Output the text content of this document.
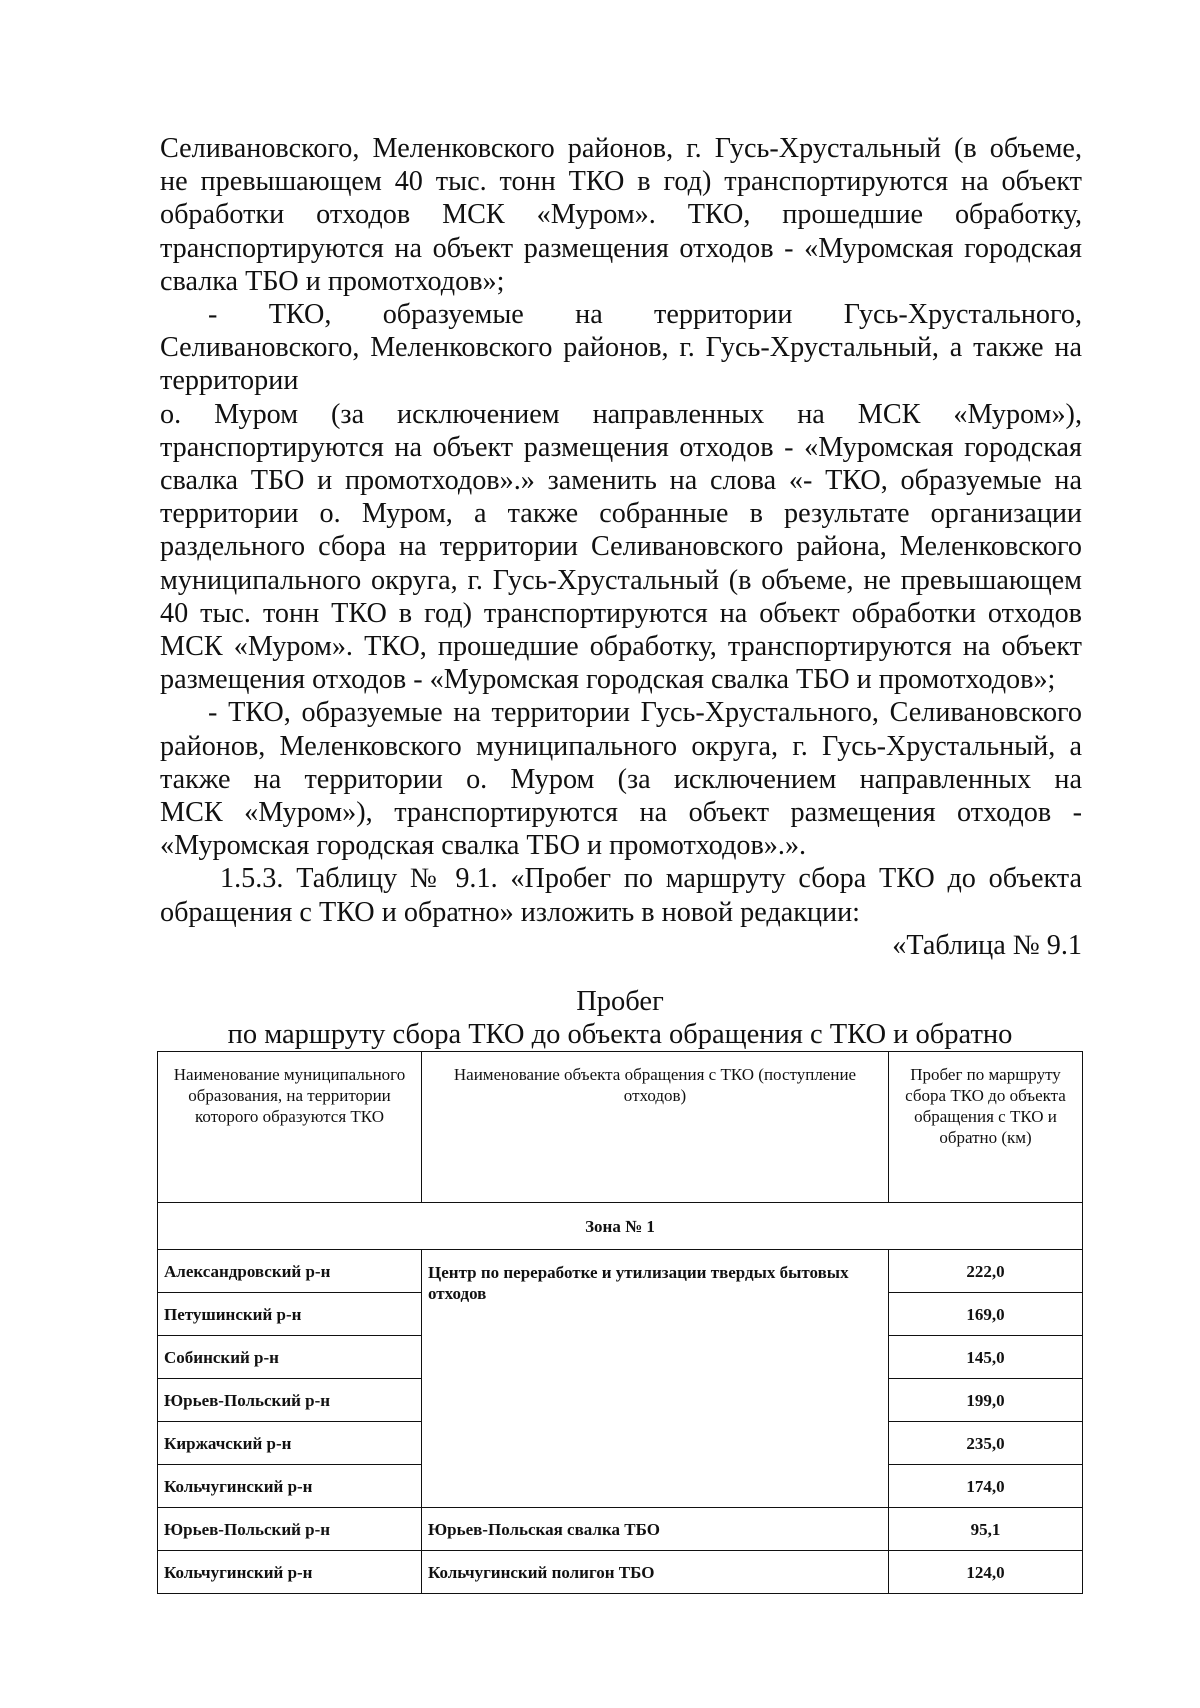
Селивановского, Меленковского районов, г. Гусь-Хрустальный (в объеме,
не превышающем 40 тыс. тонн ТКО в год) транспортируются на объект
обработки отходов МСК «Муром». ТКО, прошедшие обработку,
транспортируются на объект размещения отходов - «Муромская городская
свалка ТБО и промотходов»;
- ТКО, образуемые на территории Гусь-Хрустального,
Селивановского, Меленковского районов, г. Гусь-Хрустальный, а также на
территории
о. Муром (за исключением направленных на МСК «Муром»),
транспортируются на объект размещения отходов - «Муромская городская
свалка ТБО и промотходов».» заменить на слова «- ТКО, образуемые на
территории о. Муром, а также собранные в результате организации
раздельного сбора на территории Селивановского района, Меленковского
муниципального округа, г. Гусь-Хрустальный (в объеме, не превышающем
40 тыс. тонн ТКО в год) транспортируются на объект обработки отходов
МСК «Муром». ТКО, прошедшие обработку, транспортируются на объект
размещения отходов - «Муромская городская свалка ТБО и промотходов»;
- ТКО, образуемые на территории Гусь-Хрустального, Селивановского
районов, Меленковского муниципального округа, г. Гусь-Хрустальный, а
также на территории о. Муром (за исключением направленных на
МСК «Муром»), транспортируются на объект размещения отходов -
«Муромская городская свалка ТБО и промотходов».».
1.5.3. Таблицу № 9.1. «Пробег по маршруту сбора ТКО до объекта
обращения с ТКО и обратно» изложить в новой редакции:
«Таблица № 9.1
Пробег
по маршруту сбора ТКО до объекта обращения с ТКО и обратно
Наименование муниципального образования, на территории которого образуются ТКО	Наименование объекта обращения с ТКО (поступление отходов)	Пробег по маршруту сбора ТКО до объекта обращения с ТКО и обратно (км)
Зона № 1		
Александровский р-н	Центр по переработке и утилизации твердых бытовых отходов	222,0
Петушинский р-н		169,0
Собинский р-н		145,0
Юрьев-Польский р-н		199,0
Киржачский р-н		235,0
Кольчугинский р-н		174,0
Юрьев-Польский р-н	Юрьев-Польская свалка ТБО	95,1
Кольчугинский р-н	Кольчугинский полигон ТБО	124,0
